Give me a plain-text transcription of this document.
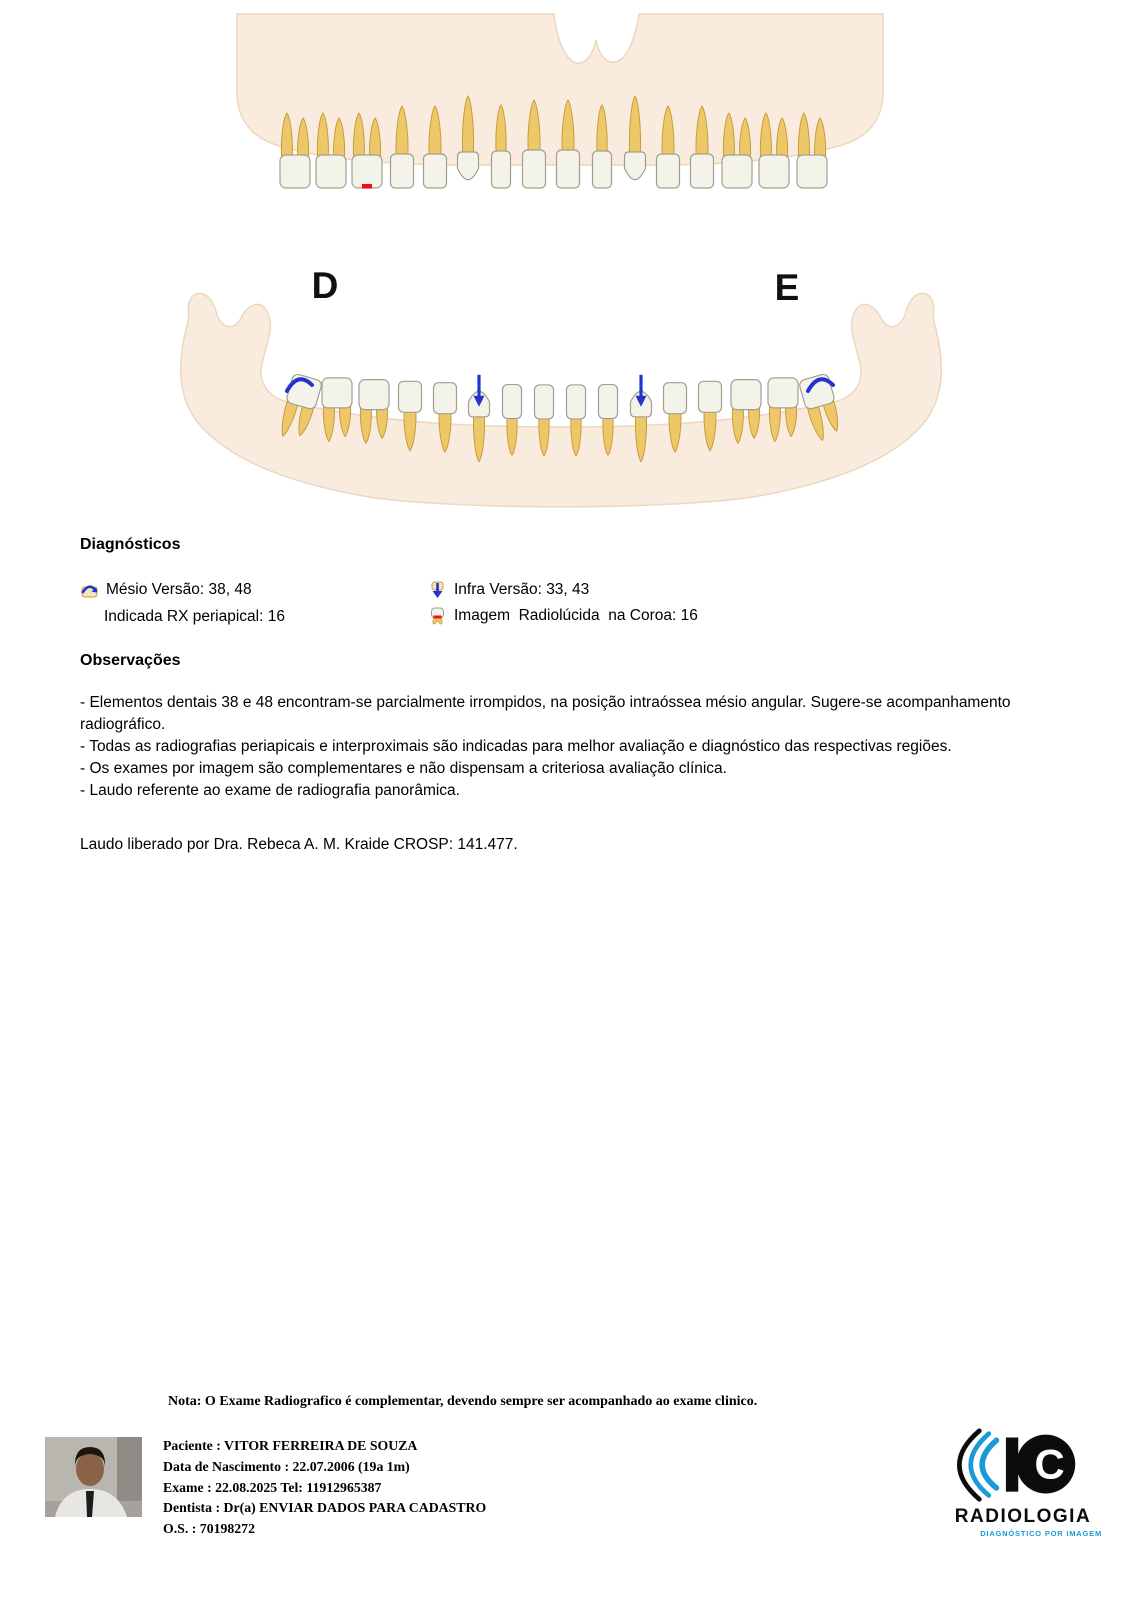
D	E
Diagnósticos
Mésio Versão: 38, 48
Indicada RX periapical: 16
Infra Versão: 33, 43
Imagem  Radiolúcida  na Coroa: 16
Observações

- Elementos dentais 38 e 48 encontram-se parcialmente irrompidos, na posição intraóssea mésio angular. Sugere-se acompanhamento radiográfico.

- Todas as radiografias periapicais e interproximais são indicadas para melhor avaliação e diagnóstico das respectivas regiões.

- Os exames por imagem são complementares e não dispensam a criteriosa avaliação clínica.

- Laudo referente ao exame de radiografia panorâmica.

Laudo liberado por Dra. Rebeca A. M. Kraide CROSP: 141.477.
Nota: O Exame Radiografico é complementar, devendo sempre ser acompanhado ao exame clinico.
Paciente : VITOR FERREIRA DE SOUZA
Data de Nascimento : 22.07.2006 (19a 1m)
Exame : 22.08.2025 Tel: 11912965387
Dentista : Dr(a) ENVIAR DADOS PARA CADASTRO
O.S. : 70198272
C
RADIOLOGIA
DIAGNÓSTICO POR IMAGEM
